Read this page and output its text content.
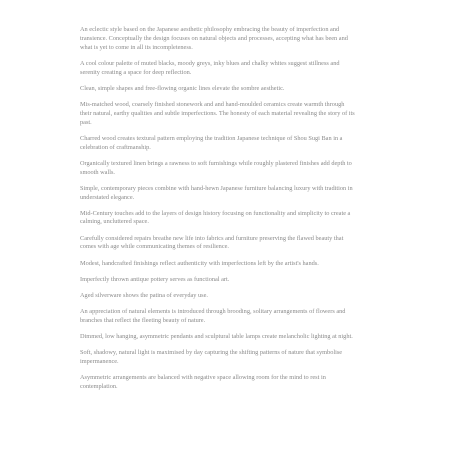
An eclectic style based on the Japanese aesthetic philosophy embracing the beauty of imperfection and transience. Conceptually the design focuses on natural objects and processes, accepting what has been and what is yet to come in all its incompleteness.

A cool colour palette of muted blacks, moody greys, inky blues and chalky whites suggest stillness and serenity creating a space for deep reflection.

Clean, simple shapes and free-flowing organic lines elevate the sombre aesthetic.

Mis-matched wood, coarsely finished stonework and and hand-moulded ceramics create warmth through their natural, earthy qualities and subtle imperfections. The honesty of each material revealing the story of its past.

Charred wood creates textural pattern employing the tradition Japanese technique of Shou Sugi Ban in a celebration of craftmanship.

Organically textured linen brings a rawness to soft furnishings while roughly plastered finishes add depth to smooth walls.

Simple, contemporary pieces combine with hand-hewn Japanese furniture balancing luxury with tradition in understated elegance.

Mid-Century touches add to the layers of design history focusing on functionality and simplicity to create a calming, uncluttered space.

Carefully considered repairs breathe new life into fabrics and furniture preserving the flawed beauty that comes with age while communicating themes of resilience.

Modest, handcrafted finishings reflect authenticity with imperfections left by the artist's hands.

Imperfectly thrown antique pottery serves as functional art.

Aged silverware shows the patina of everyday use.

An appreciation of natural elements is introduced through brooding, solitary arrangements of flowers and branches that reflect the fleeting beauty of nature.

Dimmed, low hanging, asymmetric pendants and sculptural table lamps create melancholic lighting at night.

Soft, shadowy, natural light is maximised by day capturing the shifting patterns of nature that symbolise impermanence.

Asymmetric arrangements are balanced with negative space allowing room for the mind to rest in contemplation.
